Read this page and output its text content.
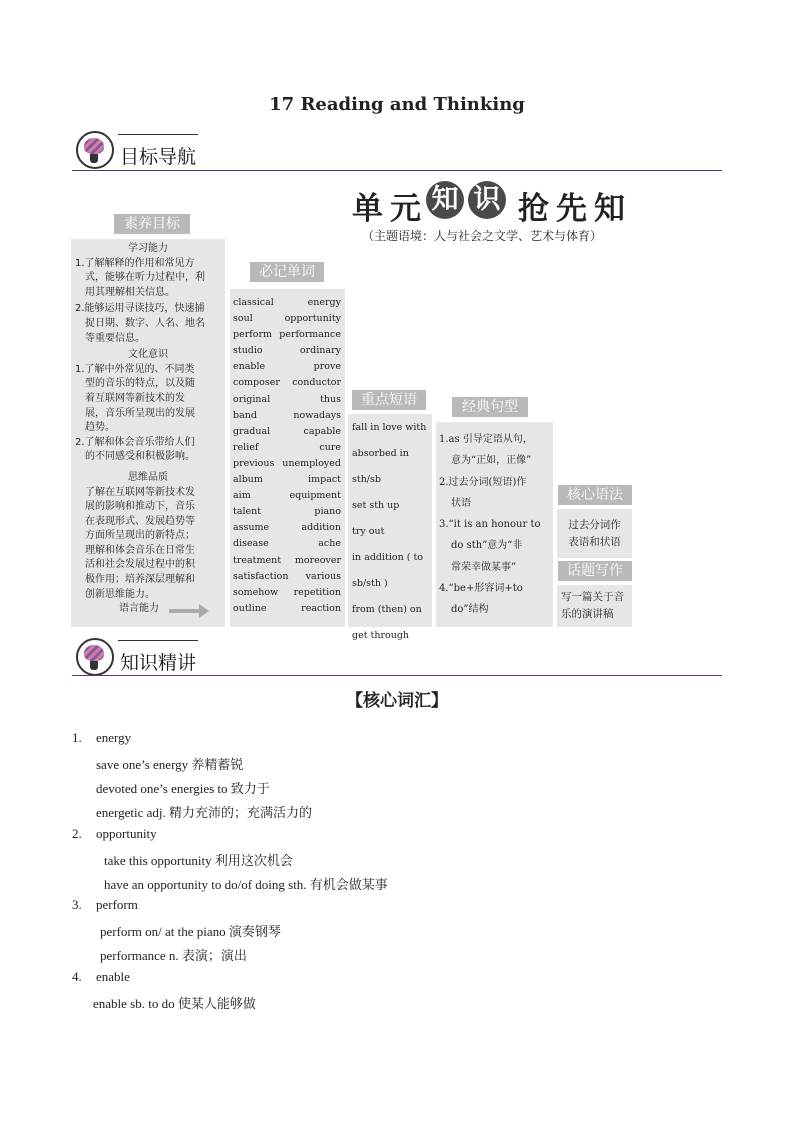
17 Reading and Thinking
目标导航
单 元 知 识 抢 先 知
（主题语境：人与社会之文学、艺术与体育）
素养目标
学习能力
1.了解解释的作用和常见方
式，能够在听力过程中，利
用其理解相关信息。
2.能够运用寻读技巧，快速捕
捉日期、数字、人名、地名
等重要信息。
文化意识
1.了解中外常见的、不同类
型的音乐的特点，以及随
着互联网等新技术的发
展，音乐所呈现出的发展
趋势。
2.了解和体会音乐带给人们
的不同感受和积极影响。
思维品质
了解在互联网等新技术发
展的影响和推动下，音乐
在表现形式、发展趋势等
方面所呈现出的新特点；
理解和体会音乐在日常生
活和社会发展过程中的积
极作用；培养深层理解和
创新思维能力。
语言能力
必记单词
classical	energy
soul	opportunity
perform performance
studio	ordinary
enable	prove
composer conductor
original	thus
band	nowadays
gradual	capable
relief	cure
previous unemployed
album	impact
aim	equipment
talent	piano
assume	addition
disease	ache
treatment moreover
satisfaction various
somehow repetition
outline	reaction
重点短语
fall in love with
absorbed in sth/sb
set sth up
try out
in addition ( to
sb/sth )
from (then) on
get through
经典句型
1.as 引导定语从句，
意为“正如，正像”
2.过去分词(短语)作
状语
3.“it is an honour to
do sth”意为“非
常荣幸做某事”
4.“be+形容词+to
do”结构
核心语法
过去分词作
表语和状语
话题写作
写一篇关于音
乐的演讲稿
知识精讲
【核心词汇】
1. energy
save one’s energy 养精蓄锐
devoted one’s energies to 致力于
energetic adj. 精力充沛的；充满活力的
2. opportunity
take this opportunity 利用这次机会
have an opportunity to do/of doing sth. 有机会做某事
3. perform
perform on/ at the piano 演奏钢琴
performance n. 表演；演出
4. enable
enable sb. to do 使某人能够做
